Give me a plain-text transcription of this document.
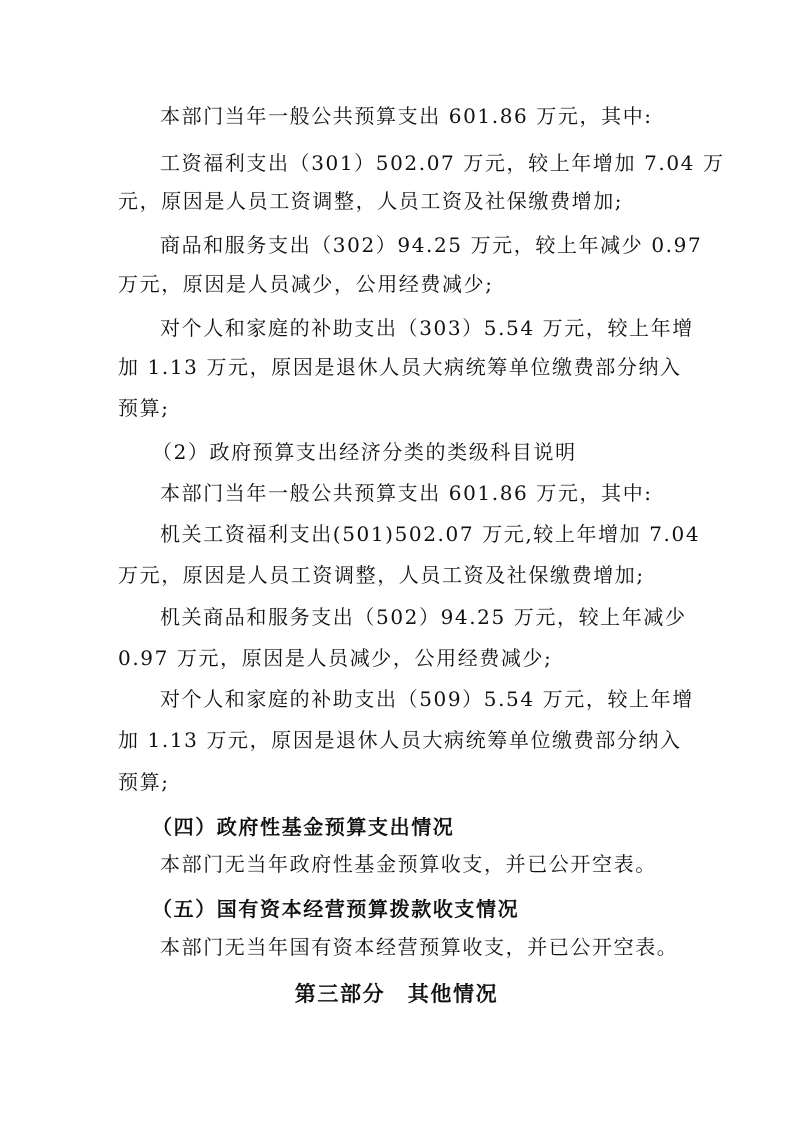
本部门当年一般公共预算支出 601.86 万元，其中:
工资福利支出（301）502.07 万元，较上年增加 7.04 万
元，原因是人员工资调整，人员工资及社保缴费增加;
商品和服务支出（302）94.25 万元，较上年减少 0.97
万元，原因是人员减少，公用经费减少;
对个人和家庭的补助支出（303）5.54 万元，较上年增
加 1.13 万元，原因是退休人员大病统筹单位缴费部分纳入
预算;
（2）政府预算支出经济分类的类级科目说明
本部门当年一般公共预算支出 601.86 万元，其中:
机关工资福利支出(501)502.07 万元,较上年增加 7.04
万元，原因是人员工资调整，人员工资及社保缴费增加;
机关商品和服务支出（502）94.25 万元，较上年减少
0.97 万元，原因是人员减少，公用经费减少;
对个人和家庭的补助支出（509）5.54 万元，较上年增
加 1.13 万元，原因是退休人员大病统筹单位缴费部分纳入
预算;
（四）政府性基金预算支出情况
本部门无当年政府性基金预算收支，并已公开空表。
（五）国有资本经营预算拨款收支情况
本部门无当年国有资本经营预算收支，并已公开空表。
第三部分　其他情况
